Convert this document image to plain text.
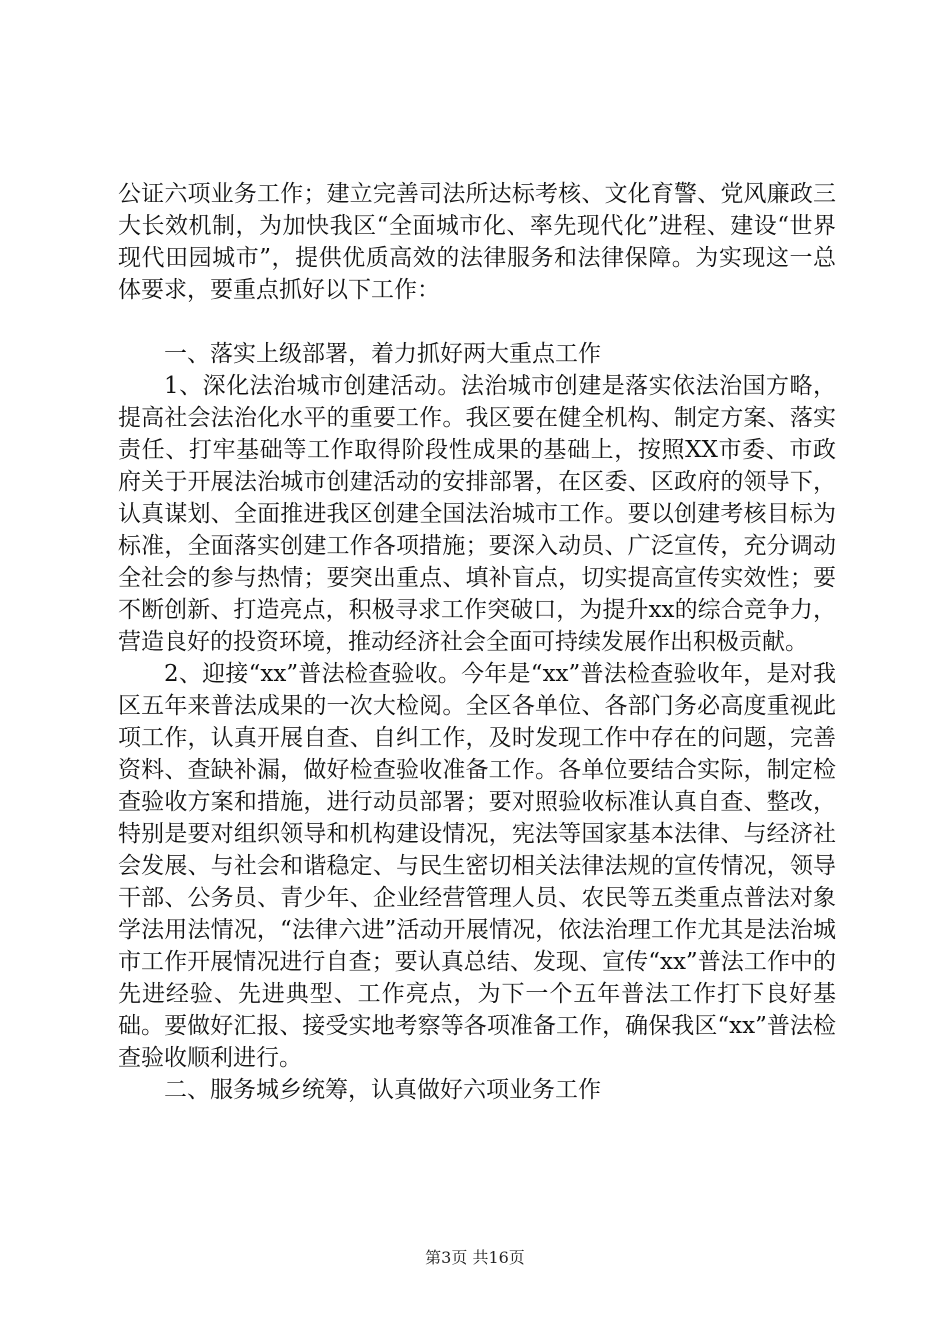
公证六项业务工作；建立完善司法所达标考核、文化育警、党风廉政三大长效机制，为加快我区“全面城市化、率先现代化”进程、建设“世界现代田园城市”，提供优质高效的法律服务和法律保障。为实现这一总体要求，要重点抓好以下工作：

一、落实上级部署，着力抓好两大重点工作

1、深化法治城市创建活动。法治城市创建是落实依法治国方略，提高社会法治化水平的重要工作。我区要在健全机构、制定方案、落实责任、打牢基础等工作取得阶段性成果的基础上，按照XX市委、市政府关于开展法治城市创建活动的安排部署，在区委、区政府的领导下，认真谋划、全面推进我区创建全国法治城市工作。要以创建考核目标为标准，全面落实创建工作各项措施；要深入动员、广泛宣传，充分调动全社会的参与热情；要突出重点、填补盲点，切实提高宣传实效性；要不断创新、打造亮点，积极寻求工作突破口，为提升xx的综合竞争力，营造良好的投资环境，推动经济社会全面可持续发展作出积极贡献。

2、迎接“xx”普法检查验收。今年是“xx”普法检查验收年，是对我区五年来普法成果的一次大检阅。全区各单位、各部门务必高度重视此项工作，认真开展自查、自纠工作，及时发现工作中存在的问题，完善资料、查缺补漏，做好检查验收准备工作。各单位要结合实际，制定检查验收方案和措施，进行动员部署；要对照验收标准认真自查、整改，特别是要对组织领导和机构建设情况，宪法等国家基本法律、与经济社会发展、与社会和谐稳定、与民生密切相关法律法规的宣传情况，领导干部、公务员、青少年、企业经营管理人员、农民等五类重点普法对象学法用法情况，“法律六进”活动开展情况，依法治理工作尤其是法治城市工作开展情况进行自查；要认真总结、发现、宣传“xx”普法工作中的先进经验、先进典型、工作亮点，为下一个五年普法工作打下良好基础。要做好汇报、接受实地考察等各项准备工作，确保我区“xx”普法检查验收顺利进行。

二、服务城乡统筹，认真做好六项业务工作

第3页 共16页
